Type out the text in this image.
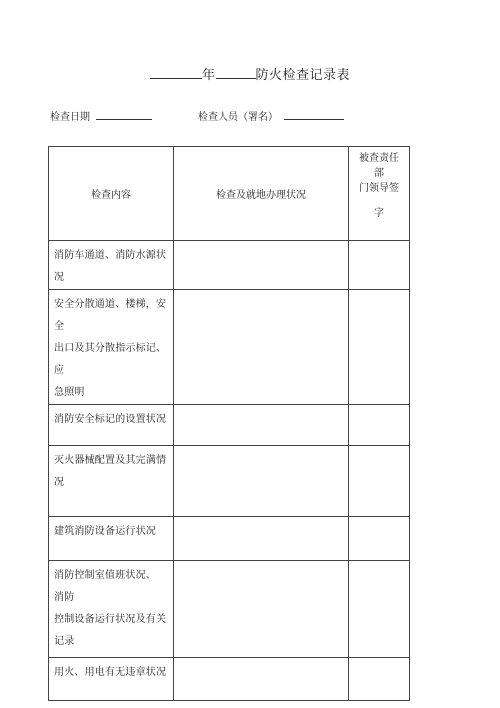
年	防火检查记录表
检查日期	检查人员（署名）
检查内容	检查及就地办理状况	被查责任
部
门领导签
字

消防车通道、消防水源状况		

安全分散通道、楼梯，安全
出口及其分散指示标记、应
急照明		

消防安全标记的设置状况		

灭火器械配置及其完满情
况		

建筑消防设备运行状况		

消防控制室值班状况、 消防
控制设备运行状况及有关
记录		

用火、用电有无违章状况		
